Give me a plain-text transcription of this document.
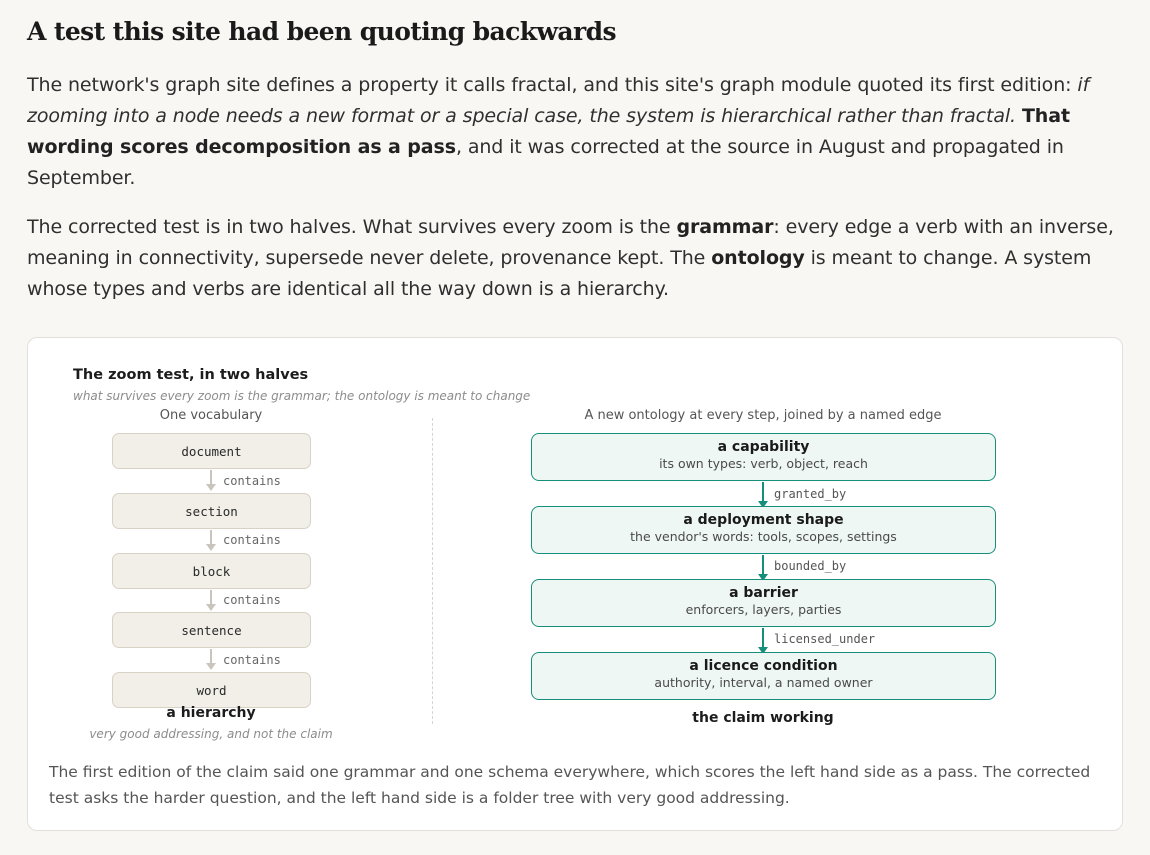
A test this site had been quoting backwards

The network's graph site defines a property it calls fractal, and this site's graph module quoted its first edition: if zooming into a node needs a new format or a special case, the system is hierarchical rather than fractal. That wording scores decomposition as a pass, and it was corrected at the source in August and propagated in September.

The corrected test is in two halves. What survives every zoom is the grammar: every edge a verb with an inverse, meaning in connectivity, supersede never delete, provenance kept. The ontology is meant to change. A system whose types and verbs are identical all the way down is a hierarchy.

The zoom test, in two halves
what survives every zoom is the grammar; the ontology is meant to change
One vocabulary	A new ontology at every step, joined by a named edge
document
contains
section
contains
block
contains
sentence
contains
word
a hierarchy
very good addressing, and not the claim
a capability
its own types: verb, object, reach
granted_by
a deployment shape
the vendor's words: tools, scopes, settings
bounded_by
a barrier
enforcers, layers, parties
licensed_under
a licence condition
authority, interval, a named owner
the claim working

The first edition of the claim said one grammar and one schema everywhere, which scores the left hand side as a pass. The corrected test asks the harder question, and the left hand side is a folder tree with very good addressing.
